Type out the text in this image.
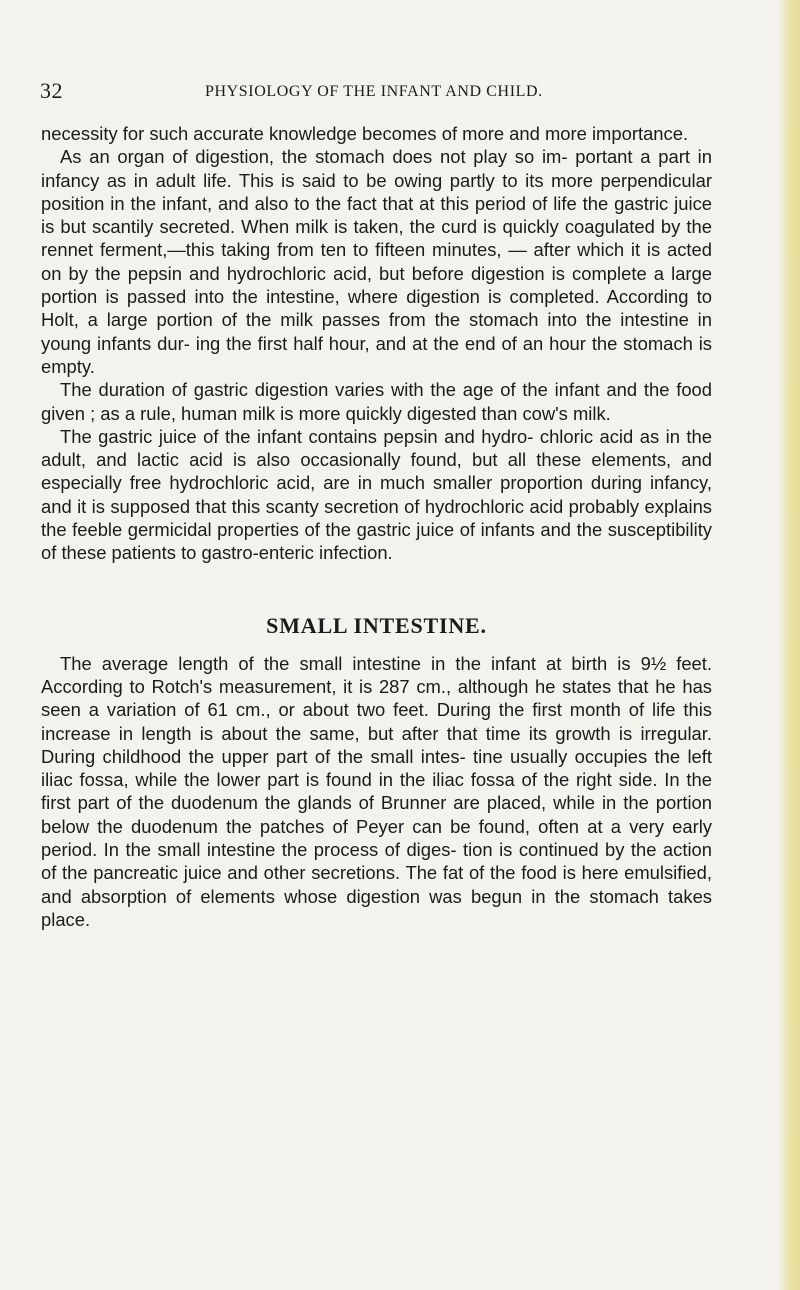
32	PHYSIOLOGY OF THE INFANT AND CHILD.

necessity for such accurate knowledge becomes of more and more importance.

As an organ of digestion, the stomach does not play so im- portant a part in infancy as in adult life. This is said to be owing partly to its more perpendicular position in the infant, and also to the fact that at this period of life the gastric juice is but scantily secreted. When milk is taken, the curd is quickly coagulated by the rennet ferment,—this taking from ten to fifteen minutes, — after which it is acted on by the pepsin and hydrochloric acid, but before digestion is complete a large portion is passed into the intestine, where digestion is completed. According to Holt, a large portion of the milk passes from the stomach into the intestine in young infants dur- ing the first half hour, and at the end of an hour the stomach is empty.

The duration of gastric digestion varies with the age of the infant and the food given ; as a rule, human milk is more quickly digested than cow's milk.

The gastric juice of the infant contains pepsin and hydro- chloric acid as in the adult, and lactic acid is also occasionally found, but all these elements, and especially free hydrochloric acid, are in much smaller proportion during infancy, and it is supposed that this scanty secretion of hydrochloric acid probably explains the feeble germicidal properties of the gastric juice of infants and the susceptibility of these patients to gastro-enteric infection.

SMALL INTESTINE.

The average length of the small intestine in the infant at birth is 9½ feet. According to Rotch's measurement, it is 287 cm., although he states that he has seen a variation of 61 cm., or about two feet. During the first month of life this increase in length is about the same, but after that time its growth is irregular. During childhood the upper part of the small intes- tine usually occupies the left iliac fossa, while the lower part is found in the iliac fossa of the right side. In the first part of the duodenum the glands of Brunner are placed, while in the portion below the duodenum the patches of Peyer can be found, often at a very early period. In the small intestine the process of diges- tion is continued by the action of the pancreatic juice and other secretions. The fat of the food is here emulsified, and absorption of elements whose digestion was begun in the stomach takes place.
